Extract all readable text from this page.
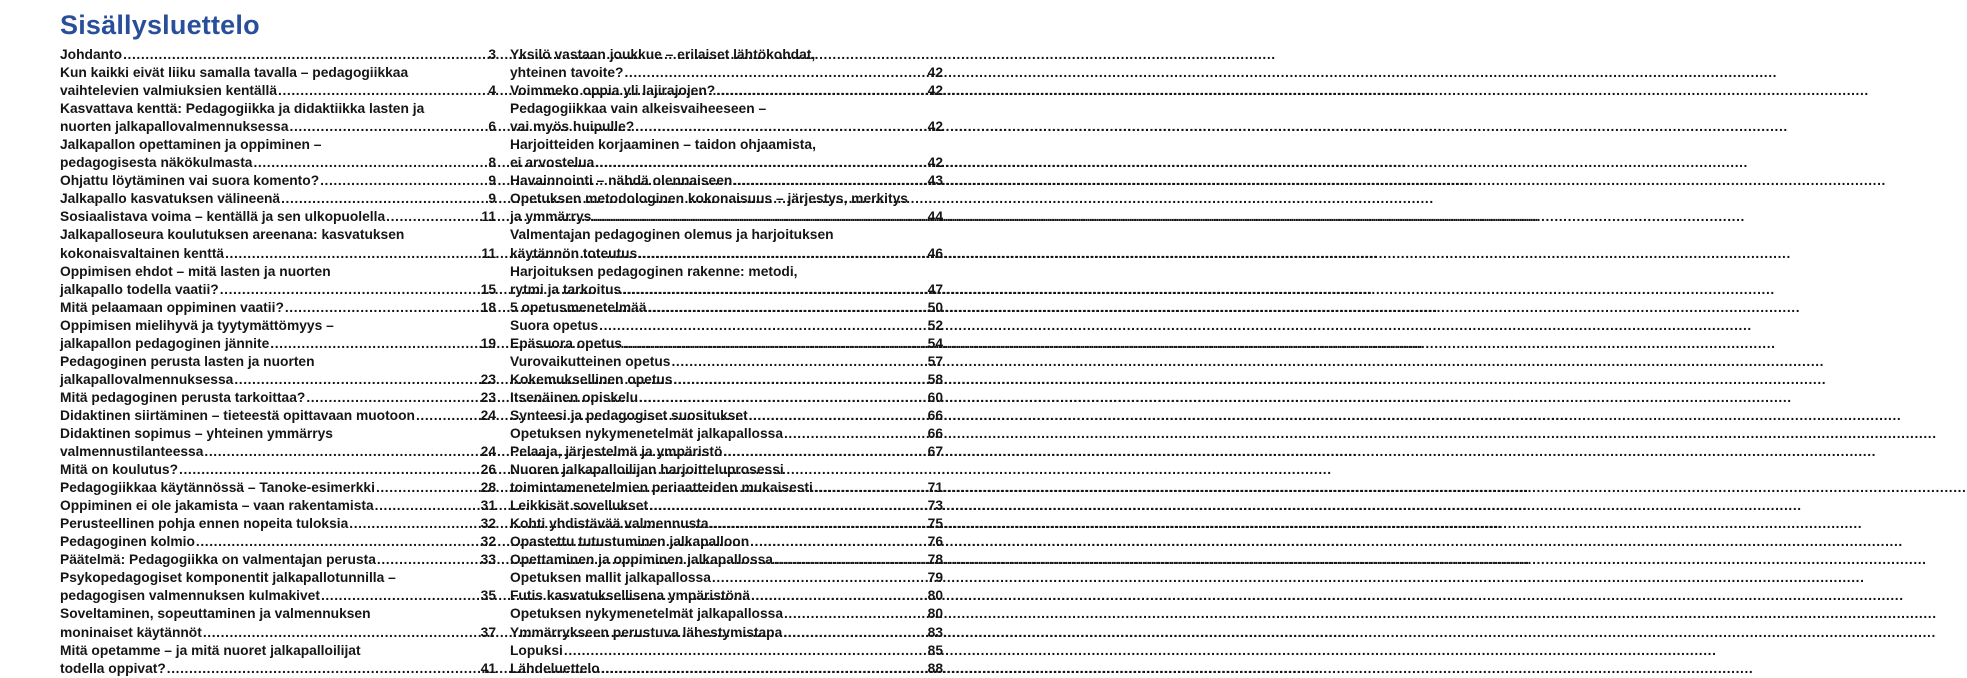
Sisällysluettelo
Johdanto .....	3
Kun kaikki eivät liiku samalla tavalla – pedagogiikkaa
vaihtelevien valmiuksien kentällä .....	4
Kasvattava kenttä: Pedagogiikka ja didaktiikka lasten ja
nuorten jalkapallovalmennuksessa .....	6
Jalkapallon opettaminen ja oppiminen –
pedagogisesta näkökulmasta .....	8
Ohjattu löytäminen vai suora komento? .....	9
Jalkapallo kasvatuksen välineenä .....	9
Sosiaalistava voima – kentällä ja sen ulkopuolella .....	11
Jalkapalloseura koulutuksen areenana: kasvatuksen
kokonaisvaltainen kenttä .....	11
Oppimisen ehdot – mitä lasten ja nuorten
jalkapallo todella vaatii? .....	15
Mitä pelaamaan oppiminen vaatii? .....	18
Oppimisen mielihyvä ja tyytymättömyys –
jalkapallon pedagoginen jännite .....	19
Pedagoginen perusta lasten ja nuorten
jalkapallovalmennuksessa .....	23
Mitä pedagoginen perusta tarkoittaa? .....	23
Didaktinen siirtäminen – tieteestä opittavaan muotoon .....	24
Didaktinen sopimus – yhteinen ymmärrys
valmennustilanteessa .....	24
Mitä on koulutus? .....	26
Pedagogiikkaa käytännössä – Tanoke-esimerkki .....	28
Oppiminen ei ole jakamista – vaan rakentamista .....	31
Perusteellinen pohja ennen nopeita tuloksia .....	32
Pedagoginen kolmio .....	32
Päätelmä: Pedagogiikka on valmentajan perusta .....	33
Psykopedagogiset komponentit jalkapallotunnilla –
pedagogisen valmennuksen kulmakivet .....	35
Soveltaminen, sopeuttaminen ja valmennuksen
moninaiset käytännöt .....	37
Mitä opetamme – ja mitä nuoret jalkapalloilijat
todella oppivat? .....	41
Yksilö vastaan joukkue – erilaiset lähtökohdat,
yhteinen tavoite? .....	42
Voimmeko oppia yli lajirajojen? .....	42
Pedagogiikkaa vain alkeisvaiheeseen –
vai myös huipulle? .....	42
Harjoitteiden korjaaminen – taidon ohjaamista,
ei arvostelua .....	42
Havainnointi – nähdä olennaiseen .....	43
Opetuksen metodologinen kokonaisuus – järjestys, merkitys
ja ymmärrys .....	44
Valmentajan pedagoginen olemus ja harjoituksen
käytännön toteutus .....	46
Harjoituksen pedagoginen rakenne: metodi,
rytmi ja tarkoitus .....	47
5 opetusmenetelmää .....	50
Suora opetus .....	52
Epäsuora opetus .....	54
Vurovaikutteinen opetus .....	57
Kokemuksellinen opetus .....	58
Itsenäinen opiskelu .....	60
Synteesi ja pedagogiset suositukset .....	66
Opetuksen nykymenetelmät jalkapallossa .....	66
Pelaaja, järjestelmä ja ympäristö .....	67
Nuoren jalkapalloilijan harjoitteluprosessi
toimintamenetelmien periaatteiden mukaisesti .....	71
Leikkisät sovellukset .....	73
Kohti yhdistävää valmennusta .....	75
Opastettu tutustuminen jalkapalloon .....	76
Opettaminen ja oppiminen jalkapallossa .....	78
Opetuksen mallit jalkapallossa .....	79
Futis kasvatuksellisena ympäristönä .....	80
Opetuksen nykymenetelmät jalkapallossa .....	80
Ymmärrykseen perustuva lähestymistapa .....	83
Lopuksi .....	85
Lähdeluettelo .....	88
